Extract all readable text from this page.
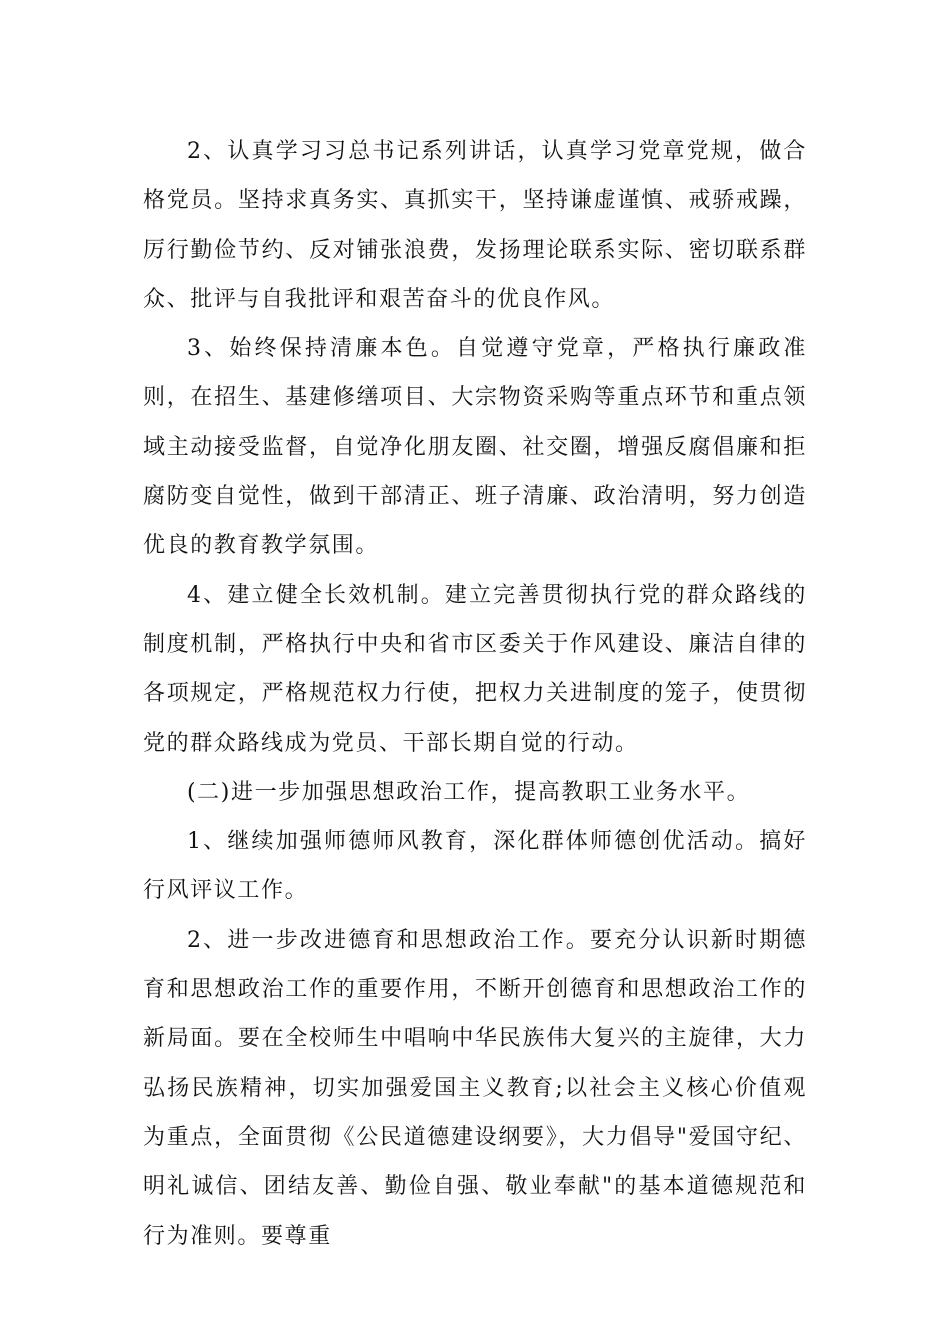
2、认真学习习总书记系列讲话，认真学习党章党规，做合格党员。坚持求真务实、真抓实干，坚持谦虚谨慎、戒骄戒躁，厉行勤俭节约、反对铺张浪费，发扬理论联系实际、密切联系群众、批评与自我批评和艰苦奋斗的优良作风。

3、始终保持清廉本色。自觉遵守党章，严格执行廉政准则，在招生、基建修缮项目、大宗物资采购等重点环节和重点领域主动接受监督，自觉净化朋友圈、社交圈，增强反腐倡廉和拒腐防变自觉性，做到干部清正、班子清廉、政治清明，努力创造优良的教育教学氛围。

4、建立健全长效机制。建立完善贯彻执行党的群众路线的制度机制，严格执行中央和省市区委关于作风建设、廉洁自律的各项规定，严格规范权力行使，把权力关进制度的笼子，使贯彻党的群众路线成为党员、干部长期自觉的行动。

(二)进一步加强思想政治工作，提高教职工业务水平。

1、继续加强师德师风教育，深化群体师德创优活动。搞好行风评议工作。

2、进一步改进德育和思想政治工作。要充分认识新时期德育和思想政治工作的重要作用，不断开创德育和思想政治工作的新局面。要在全校师生中唱响中华民族伟大复兴的主旋律，大力弘扬民族精神，切实加强爱国主义教育;以社会主义核心价值观为重点，全面贯彻《公民道德建设纲要》，大力倡导"爱国守纪、明礼诚信、团结友善、勤俭自强、敬业奉献"的基本道德规范和行为准则。要尊重
